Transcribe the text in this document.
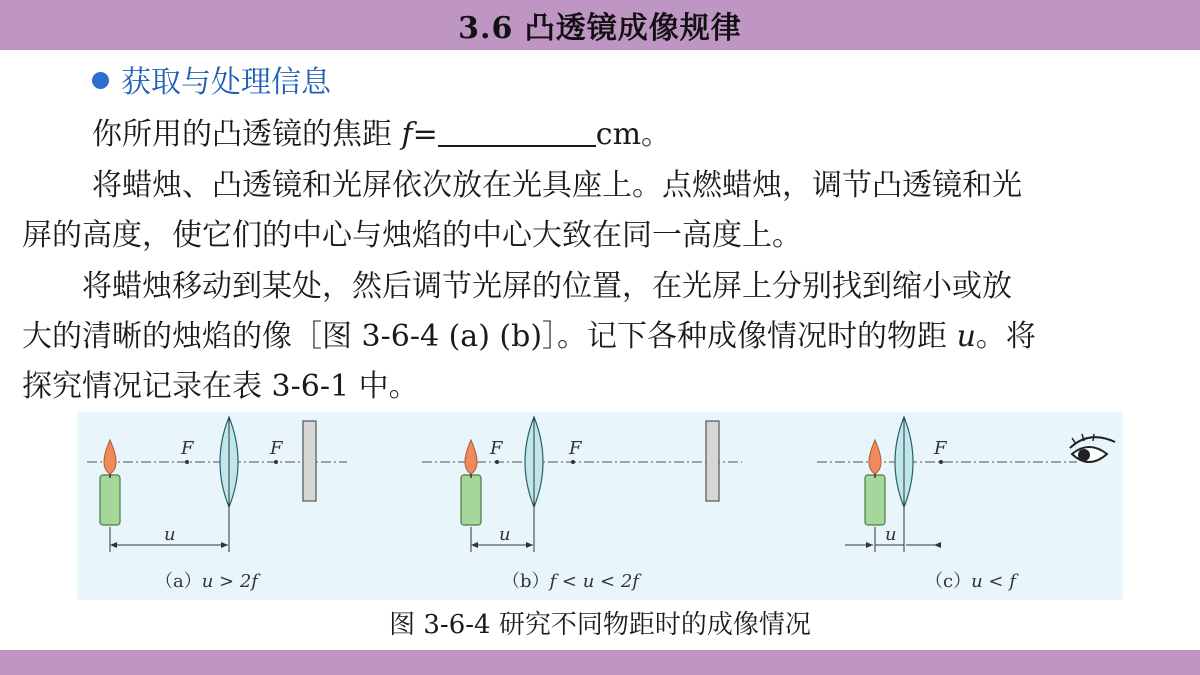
3.6 凸透镜成像规律
获取与处理信息
你所用的凸透镜的焦距 f=	cm。
将蜡烛、凸透镜和光屏依次放在光具座上。点燃蜡烛，调节凸透镜和光
屏的高度，使它们的中心与烛焰的中心大致在同一高度上。
将蜡烛移动到某处，然后调节光屏的位置，在光屏上分别找到缩小或放
大的清晰的烛焰的像［图 3-6-4 (a) (b)］。记下各种成像情况时的物距 u。将
探究情况记录在表 3-6-1 中。
F	F
u
（a）u > 2f
F	F
u
（b）f < u < 2f
F
u
（c）u < f
图 3-6-4 研究不同物距时的成像情况
